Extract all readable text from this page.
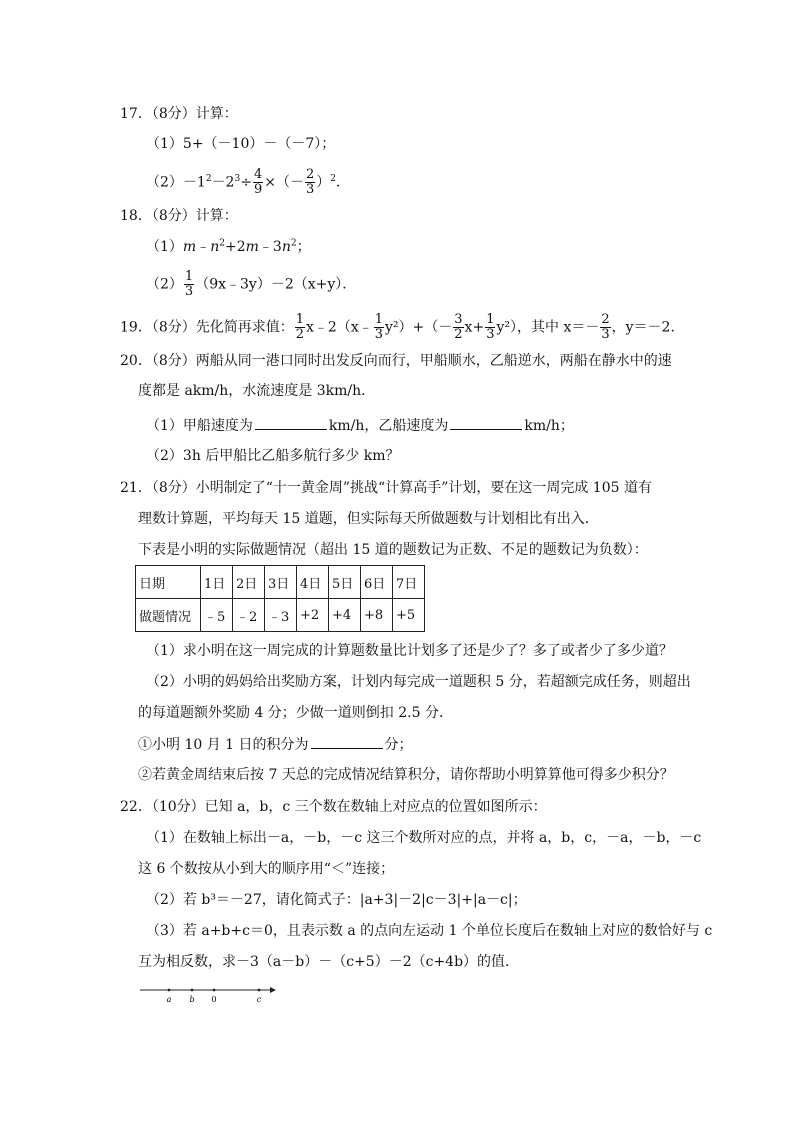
17．（8分）计算：
（1）5+（－10）－（－7）；
$(2)-1^2-2^3\div \frac{4}{9}$ ×（－ $\frac{2}{3} )^2$．
18．（8分）计算：
$(1)m﹣n^2+2m﹣3n^2$；
$(2) \frac{1}{3}$ （9x﹣3y）－2（x+y）．
19．（8分）先化简再求值： $\frac{1}{2}$ x﹣2（x﹣ $\frac{1}{3} y^2)+(- \frac{3}{2} x+ \frac{1}{3} y^2)$，其中 $x=- \frac{2}{3}$ ，y＝－2．
20．（8分）两船从同一港口同时出发反向而行，甲船顺水，乙船逆水，两船在静水中的速
度都是 akm/h，水流速度是 3km/h．
（1）甲船速度为	km/h，乙船速度为	km/h；
（2）3h 后甲船比乙船多航行多少 km？
21．（8分）小明制定了“十一黄金周”挑战“计算高手”计划，要在这一周完成 105 道有
理数计算题，平均每天 15 道题，但实际每天所做题数与计划相比有出入．
下表是小明的实际做题情况（超出 15 道的题数记为正数、不足的题数记为负数）：
日期	1日	2日	3日	4日	5日	6日	7日
做题情况	﹣5	﹣2	﹣3	+2	+4	+8	+5
（1）求小明在这一周完成的计算题数量比计划多了还是少了？多了或者少了多少道？
（2）小明的妈妈给出奖励方案，计划内每完成一道题积 5 分，若超额完成任务，则超出
的每道题额外奖励 4 分；少做一道则倒扣 2.5 分．
①小明 10 月 1 日的积分为	分；
②若黄金周结束后按 7 天总的完成情况结算积分，请你帮助小明算算他可得多少积分？
22．（10分）已知 a，b，c 三个数在数轴上对应点的位置如图所示：
（1）在数轴上标出－a，－b，－c 这三个数所对应的点，并将 a，b，c，－a，－b，－c
这 6 个数按从小到大的顺序用“＜”连接；
（2）若 b³＝－27，请化简式子：|a+3|－2|c－3|+|a－c|；
（3）若 a+b+c＝0，且表示数 a 的点向左运动 1 个单位长度后在数轴上对应的数恰好与 c
互为相反数，求－3（a－b）－（c+5）－2（c+4b）的值．
a b 0	c
